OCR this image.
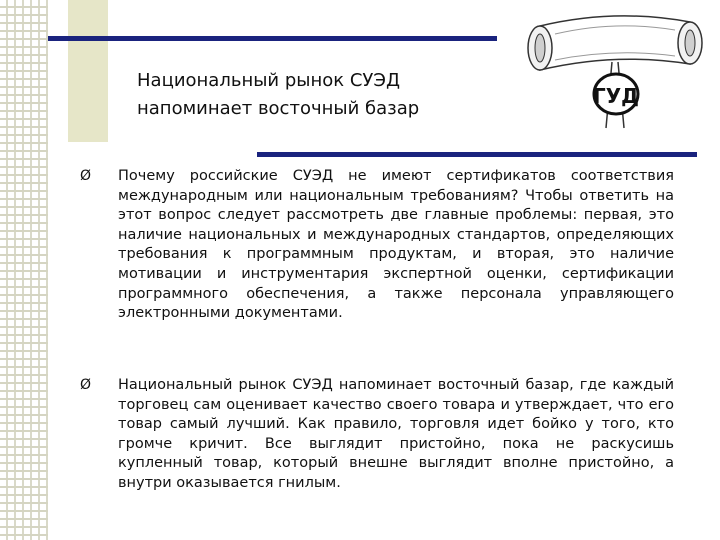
Национальный рынок СУЭД
напоминает восточный базар
ГУД
Ø Почему российские СУЭД не имеют сертификатов соответствия международным или национальным требованиям? Чтобы ответить на этот вопрос следует рассмотреть две главные проблемы: первая, это наличие национальных и международных стандартов, определяющих требования к программным продуктам, и вторая, это наличие мотивации и инструментария экспертной оценки, сертификации программного обеспечения, а также персонала управляющего электронными документами.
Ø Национальный рынок СУЭД напоминает восточный базар, где каждый торговец сам оценивает качество своего товара и утверждает, что его товар самый лучший. Как правило, торговля идет бойко у того, кто громче кричит. Все выглядит пристойно, пока не раскусишь купленный товар, который внешне выглядит вполне пристойно, а внутри оказывается гнилым.
